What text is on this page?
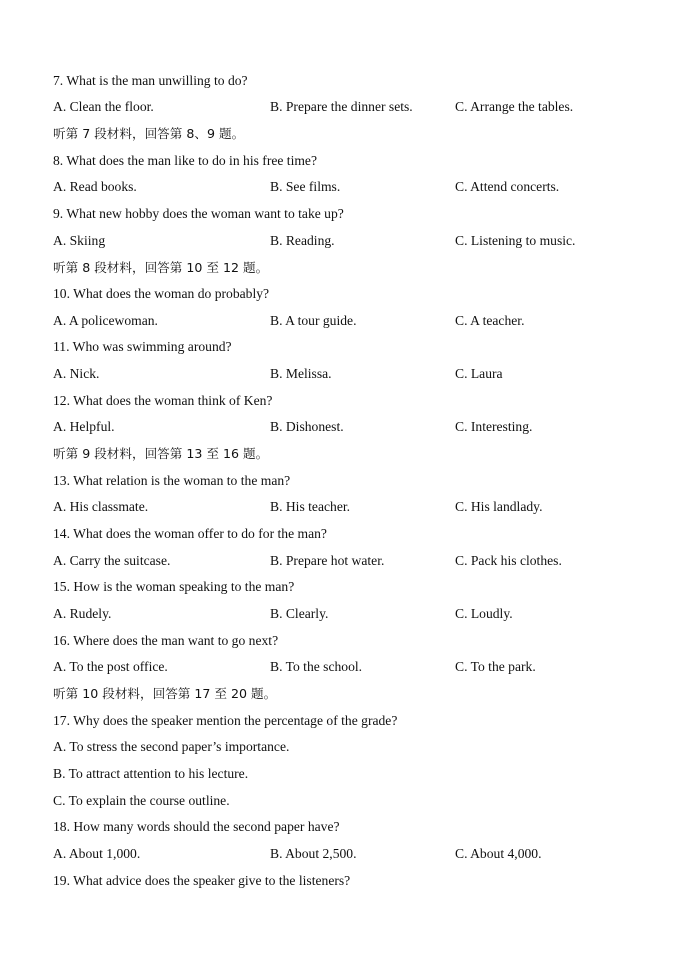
7. What is the man unwilling to do?
A. Clean the floor.	B. Prepare the dinner sets.	C. Arrange the tables.
听第 7 段材料，回答第 8、9 题。
8. What does the man like to do in his free time?
A. Read books.	B. See films.	C. Attend concerts.
9. What new hobby does the woman want to take up?
A. Skiing	B. Reading.	C. Listening to music.
听第 8 段材料，回答第 10 至 12 题。
10. What does the woman do probably?
A. A policewoman.	B. A tour guide.	C. A teacher.
11. Who was swimming around?
A. Nick.	B. Melissa.	C. Laura
12. What does the woman think of Ken?
A. Helpful.	B. Dishonest.	C. Interesting.
听第 9 段材料，回答第 13 至 16 题。
13. What relation is the woman to the man?
A. His classmate.	B. His teacher.	C. His landlady.
14. What does the woman offer to do for the man?
A. Carry the suitcase.	B. Prepare hot water.	C. Pack his clothes.
15. How is the woman speaking to the man?
A. Rudely.	B. Clearly.	C. Loudly.
16. Where does the man want to go next?
A. To the post office.	B. To the school.	C. To the park.
听第 10 段材料，回答第 17 至 20 题。
17. Why does the speaker mention the percentage of the grade?
A. To stress the second paper’s importance.
B. To attract attention to his lecture.
C. To explain the course outline.
18. How many words should the second paper have?
A. About 1,000.	B. About 2,500.	C. About 4,000.
19. What advice does the speaker give to the listeners?
